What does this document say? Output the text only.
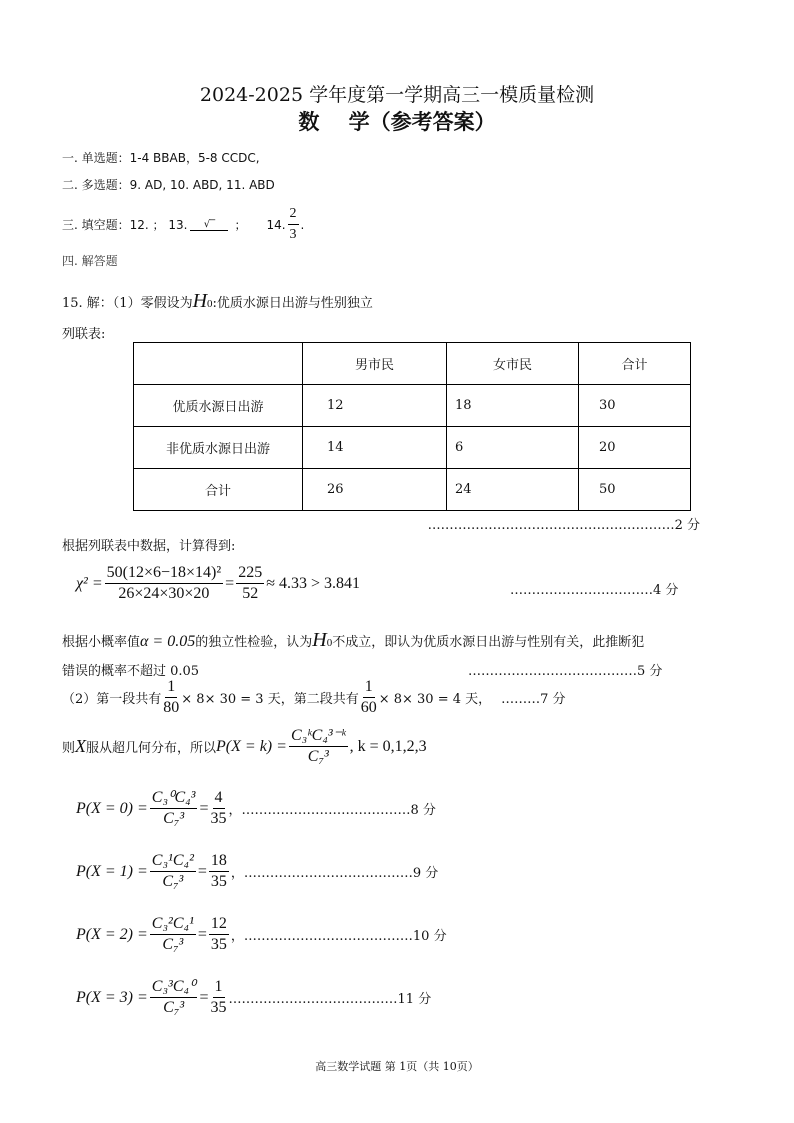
2024-2025 学年度第一学期高三一模质量检测
数    学（参考答案）
一. 单选题：1-4 BBAB，5-8 CCDC,
二. 多选题：9. AD, 10. ABD, 11. ABD
三. 填空题：12. ； 13.	√‾	； 14. $\frac{2}{3}$ .
四. 解答题
15. 解：（1）零假设为 H 0 :优质水源日出游与性别独立
列联表:
	男市民	女市民	合计
优质水源日出游	12	18	30
非优质水源日出游	14	6	20
合计	26	24	50
…………………………………………………2 分
根据列联表中数据，计算得到:
$\chi^2 = \frac{\text{50(12×6−18×14)²}}{26\times 24\times 30\times 20} = \frac{225}{52} \approx 4.33 > 3.841$	……………………………4 分
根据小概率值 α = 0.05 的独立性检验，认为 H 0 不成立，即认为优质水源日出游与性别有关，此推断犯
错误的概率不超过 0.05	…………………………………5 分
（2）第一段共有 $\frac{1}{80} \times 8\times 30 = 3$ 天，第二段共有 $\frac{1}{60} \times 8\times 30 = 4$ 天， ………7 分
则 X 服从超几何分布，所以 $P(X = k) = \frac{\text{C₃ᵏC₄³⁻ᵏ}}{\text{C₇³}}$ , k = 0,1,2,3
$P(X = 0) = \frac{\text{C₃⁰C₄³}}{\text{C₇³}} = \frac{4}{35}$ ， …………………………………8 分
$P(X = 1) = \frac{\text{C₃¹C₄²}}{\text{C₇³}} = \frac{18}{35}$ ， …………………………………9 分
$P(X = 2) = \frac{\text{C₃²C₄¹}}{\text{C₇³}} = \frac{12}{35}$ ， …………………………………10 分
$P(X = 3) = \frac{\text{C₃³C₄⁰}}{\text{C₇³}} = \frac{1}{35}$ …………………………………11 分
高三数学试题 第 1页（共 10页）
